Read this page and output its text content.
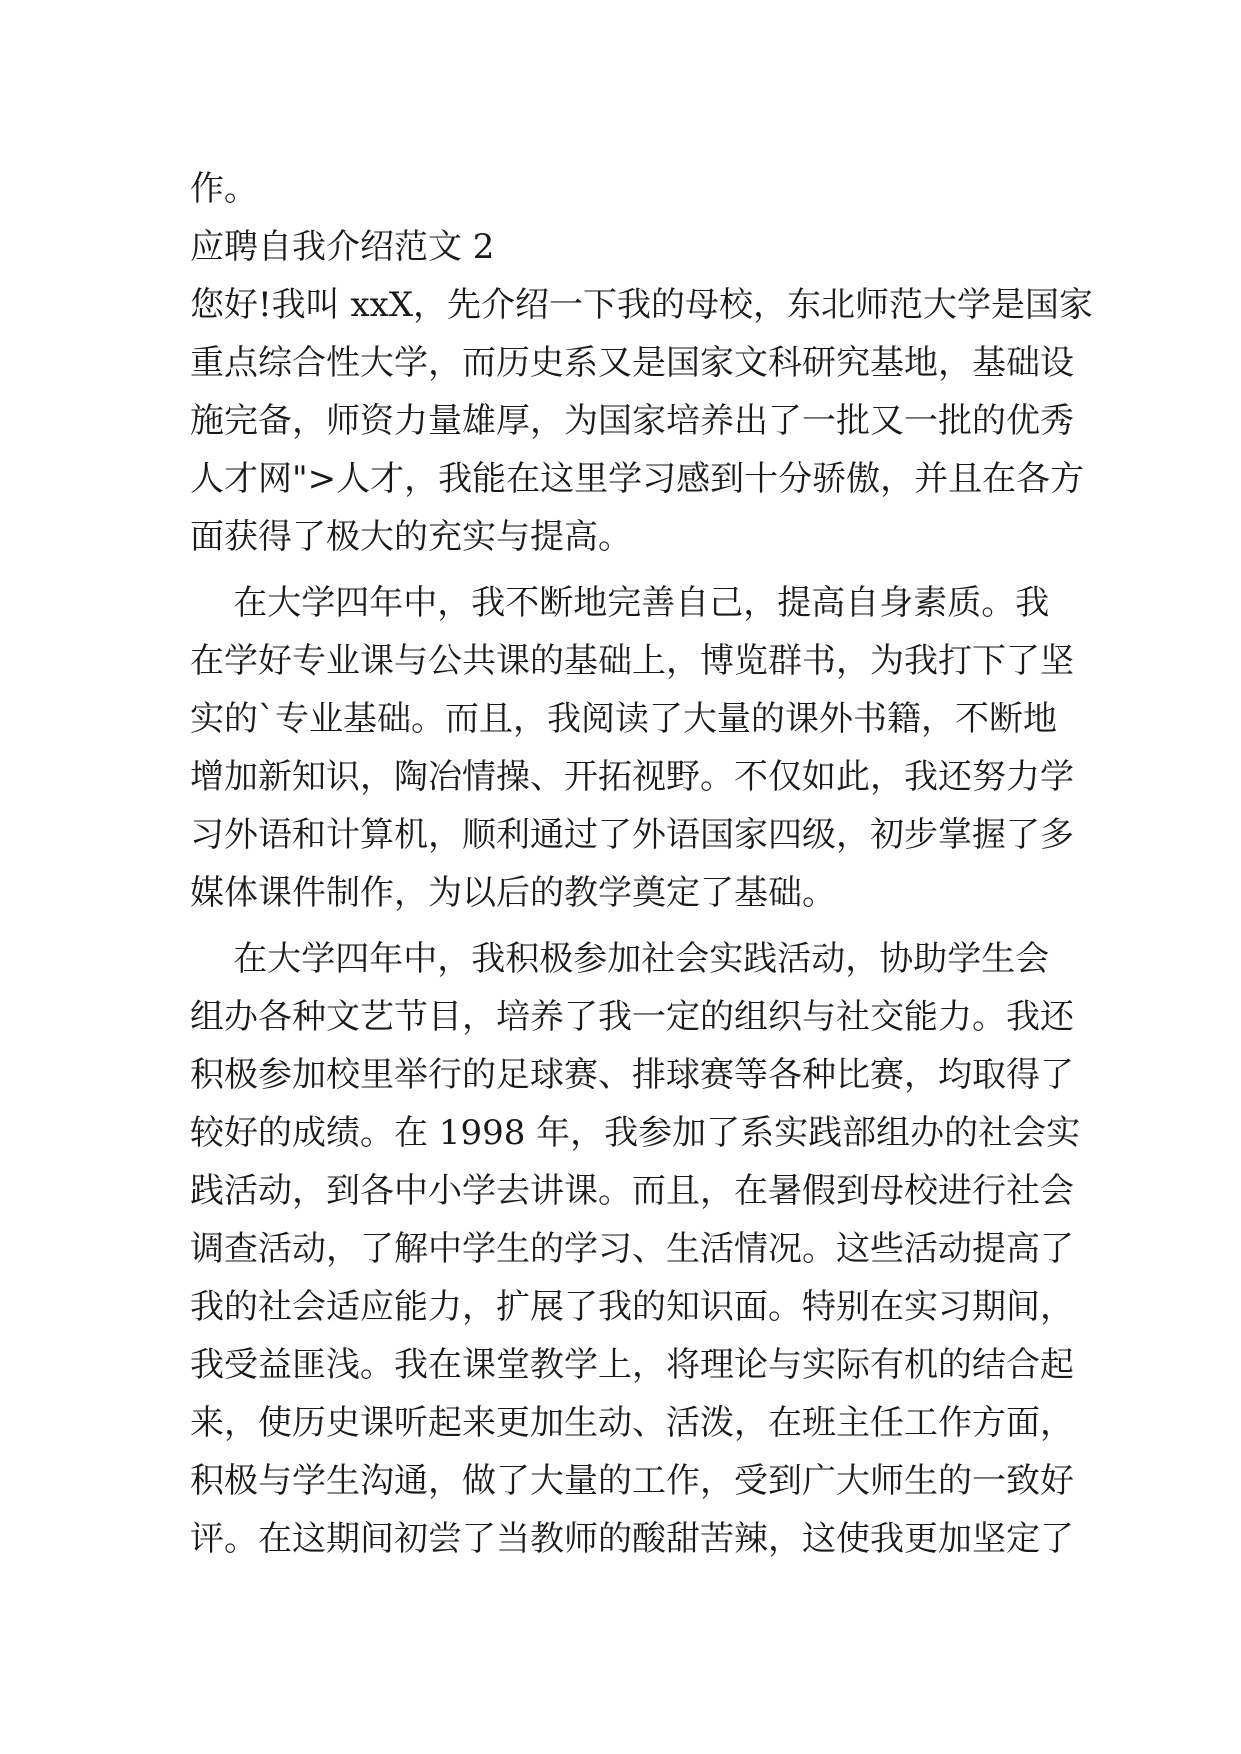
作。
应聘自我介绍范文 2
您好!我叫 xxX，先介绍一下我的母校，东北师范大学是国家
重点综合性大学，而历史系又是国家文科研究基地，基础设
施完备，师资力量雄厚，为国家培养出了一批又一批的优秀
人才网">人才，我能在这里学习感到十分骄傲，并且在各方
面获得了极大的充实与提高。
在大学四年中，我不断地完善自己，提高自身素质。我
在学好专业课与公共课的基础上，博览群书，为我打下了坚
实的`专业基础。而且，我阅读了大量的课外书籍，不断地
增加新知识，陶冶情操、开拓视野。不仅如此，我还努力学
习外语和计算机，顺利通过了外语国家四级，初步掌握了多
媒体课件制作，为以后的教学奠定了基础。
在大学四年中，我积极参加社会实践活动，协助学生会
组办各种文艺节目，培养了我一定的组织与社交能力。我还
积极参加校里举行的足球赛、排球赛等各种比赛，均取得了
较好的成绩。在 1998 年，我参加了系实践部组办的社会实
践活动，到各中小学去讲课。而且，在暑假到母校进行社会
调查活动，了解中学生的学习、生活情况。这些活动提高了
我的社会适应能力，扩展了我的知识面。特别在实习期间，
我受益匪浅。我在课堂教学上，将理论与实际有机的结合起
来，使历史课听起来更加生动、活泼，在班主任工作方面，
积极与学生沟通，做了大量的工作，受到广大师生的一致好
评。在这期间初尝了当教师的酸甜苦辣，这使我更加坚定了
